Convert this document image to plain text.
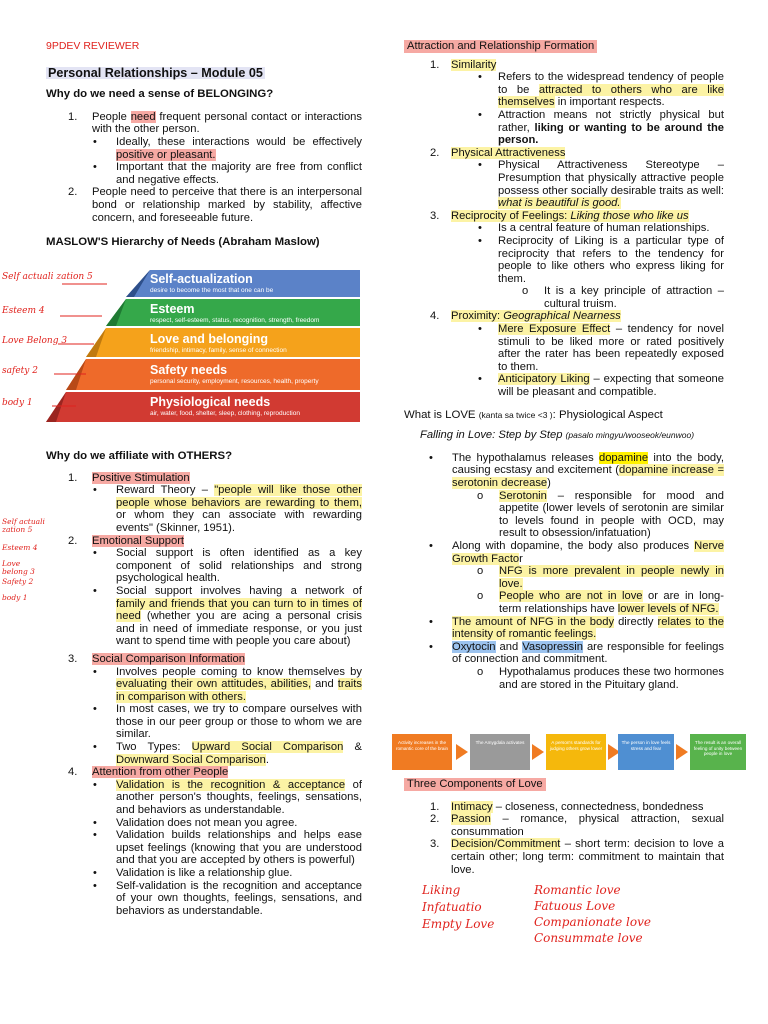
9PDEV REVIEWER
Personal Relationships – Module 05
Why do we need a sense of BELONGING?
1. People need frequent personal contact or interactions with the other person.
• Ideally, these interactions would be effectively positive or pleasant.
• Important that the majority are free from conflict and negative effects.
2. People need to perceive that there is an interpersonal bond or relationship marked by stability, affective concern, and foreseeable future.
MASLOW'S Hierarchy of Needs (Abraham Maslow)
Self-actualization
desire to become the most that one can be
Esteem
respect, self-esteem, status, recognition, strength, freedom
Love and belonging
friendship, intimacy, family, sense of connection
Safety needs
personal security, employment, resources, health, property
Physiological needs
air, water, food, shelter, sleep, clothing, reproduction
Self actuali zation 5
Esteem 4
Love Belong 3
safety 2
body 1
Why do we affiliate with OTHERS?
1. Positive Stimulation
• Reward Theory – "people will like those other people whose behaviors are rewarding to them, or whom they can associate with rewarding events" (Skinner, 1951).
2. Emotional Support
• Social support is often identified as a key component of solid relationships and strong psychological health.
• Social support involves having a network of family and friends that you can turn to in times of need (whether you are acing a personal crisis and in need of immediate response, or you just want to spend time with people you care about)
3. Social Comparison Information
• Involves people coming to know themselves by evaluating their own attitudes, abilities, and traits in comparison with others.
• In most cases, we try to compare ourselves with those in our peer group or those to whom we are similar.
• Two Types: Upward Social Comparison & Downward Social Comparison.
4. Attention from other People
• Validation is the recognition & acceptance of another person's thoughts, feelings, sensations, and behaviors as understandable.
• Validation does not mean you agree.
• Validation builds relationships and helps ease upset feelings (knowing that you are understood and that you are accepted by others is powerful)
• Validation is like a relationship glue.
• Self-validation is the recognition and acceptance of your own thoughts, feelings, sensations, and behaviors as understandable.
Self actuali zation 5
Esteem 4
Love belong 3
Safety 2
body 1
Attraction and Relationship Formation
1. Similarity
• Refers to the widespread tendency of people to be attracted to others who are like themselves in important respects.
• Attraction means not strictly physical but rather, liking or wanting to be around the person.
2. Physical Attractiveness
• Physical Attractiveness Stereotype – Presumption that physically attractive people possess other socially desirable traits as well: what is beautiful is good.
3. Reciprocity of Feelings: Liking those who like us
• Is a central feature of human relationships.
• Reciprocity of Liking is a particular type of reciprocity that refers to the tendency for people to like others who express liking for them.
o It is a key principle of attraction – cultural truism.
4. Proximity: Geographical Nearness
• Mere Exposure Effect – tendency for novel stimuli to be liked more or rated positively after the rater has been repeatedly exposed to them.
• Anticipatory Liking – expecting that someone will be pleasant and compatible.
What is LOVE (kanta sa twice <3 ): Physiological Aspect
Falling in Love: Step by Step (pasalo mingyu/wooseok/eunwoo)
• The hypothalamus releases dopamine into the body, causing ecstasy and excitement (dopamine increase = serotonin decrease)
o Serotonin – responsible for mood and appetite (lower levels of serotonin are similar to levels found in people with OCD, may result to obsession/infatuation)
• Along with dopamine, the body also produces Nerve Growth Factor
o NFG is more prevalent in people newly in love.
o People who are not in love or are in long-term relationships have lower levels of NFG.
• The amount of NFG in the body directly relates to the intensity of romantic feelings.
• Oxytocin and Vasopressin are responsible for feelings of connection and commitment.
o Hypothalamus produces these two hormones and are stored in the Pituitary gland.
Activity increases in the romantic core of the brain
The Amygdala activates	A person's standards for judging others grow lower
The person in love feels stress and fear
The result is an overall feeling of unity between people in love
Three Components of Love
1. Intimacy – closeness, connectedness, bondedness
2. Passion – romance, physical attraction, sexual consummation
3. Decision/Commitment – short term: decision to love a certain other; long term: commitment to maintain that love.
Liking
Infatuatio
Empty Love
Romantic love
Fatuous Love
Companionate love
Consummate love
